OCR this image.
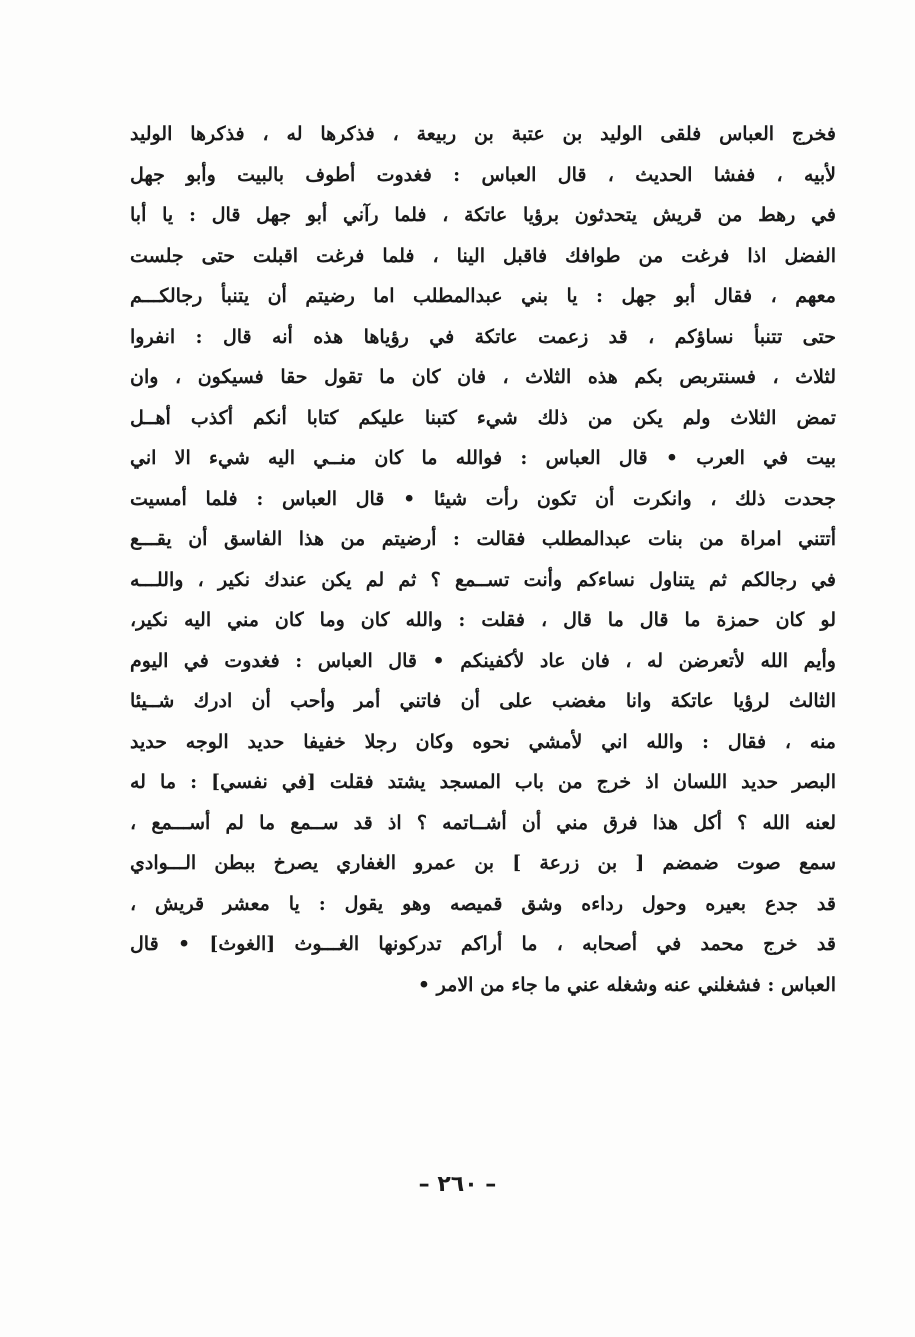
فخرج العباس فلقى الوليد بن عتبة بن ربيعة ، فذكرها له ، فذكرها الوليد
لأبيه ، ففشا الحديث ، قال العباس : فغدوت أطوف بالبيت وأبو جهل
في رهط من قريش يتحدثون برؤيا عاتكة ، فلما رآني أبو جهل قال : يا أبا
الفضل اذا فرغت من طوافك فاقبل الينا ، فلما فرغت اقبلت حتى جلست
معهم ، فقال أبو جهل : يا بني عبدالمطلب اما رضيتم أن يتنبأ رجالكـــم
حتى تتنبأ نساؤكم ، قد زعمت عاتكة في رؤياها هذه أنه قال : انفروا
لثلاث ، فسنتربص بكم هذه الثلاث ، فان كان ما تقول حقا فسيكون ، وان
تمض الثلاث ولم يكن من ذلك شيء كتبنا عليكم كتابا أنكم أكذب أهــل
بيت في العرب • قال العباس : فوالله ما كان منــي اليه شيء الا اني
جحدت ذلك ، وانكرت أن تكون رأت شيئا • قال العباس : فلما أمسيت
أتتني امراة من بنات عبدالمطلب فقالت : أرضيتم من هذا الفاسق أن يقـــع
في رجالكم ثم يتناول نساءكم وأنت تســمع ؟ ثم لم يكن عندك نكير ، واللـــه
لو كان حمزة ما قال ما قال ، فقلت : والله كان وما كان مني اليه نكير،
وأيم الله لأتعرضن له ، فان عاد لأكفينكم • قال العباس : فغدوت في اليوم
الثالث لرؤيا عاتكة وانا مغضب على أن فاتني أمر وأحب أن ادرك شــيئا
منه ، فقال : والله اني لأمشي نحوه وكان رجلا خفيفا حديد الوجه حديد
البصر حديد اللسان اذ خرج من باب المسجد يشتد فقلت [في نفسي] : ما له
لعنه الله ؟ أكل هذا فرق مني أن أشــاتمه ؟ اذ قد ســمع ما لم أســـمع ،
سمع صوت ضمضم [ بن زرعة ] بن عمرو الغفاري يصرخ ببطن الـــوادي
قد جدع بعيره وحول رداءه وشق قميصه وهو يقول : يا معشر قريش ،
قد خرج محمد في أصحابه ، ما أراكم تدركونها الغـــوث [الغوث] • قال
العباس : فشغلني عنه وشغله عني ما جاء من الامر •
– ٢٦٠ –
